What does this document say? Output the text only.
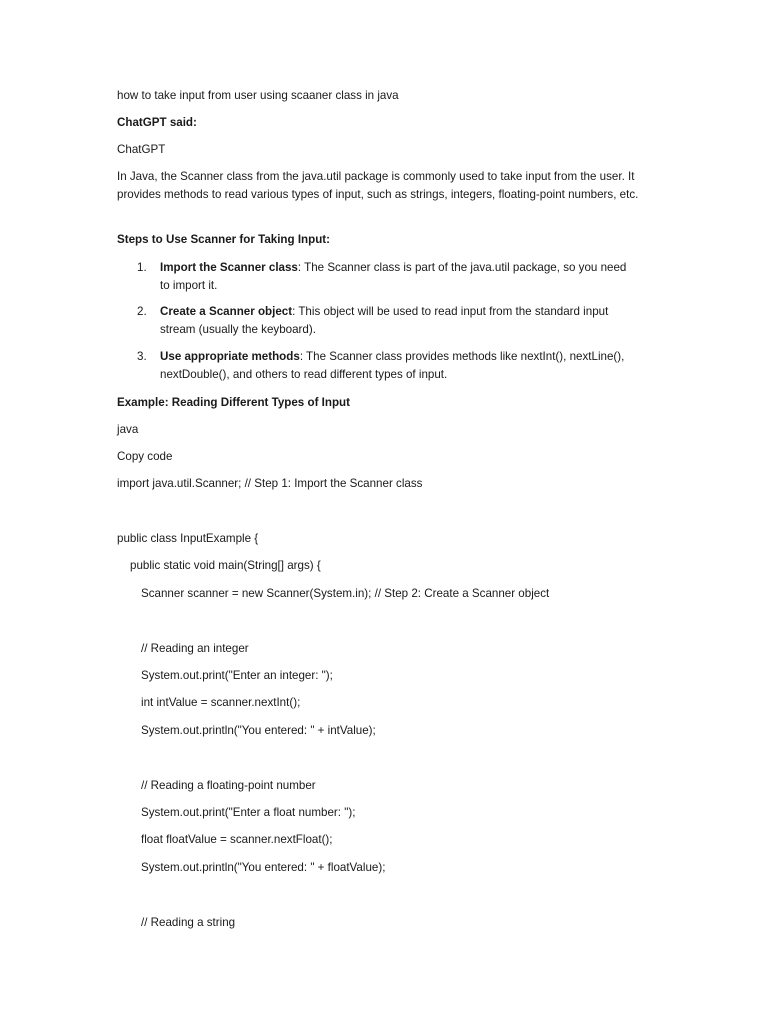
how to take input from user using scaaner class in java

ChatGPT said:

ChatGPT

In Java, the Scanner class from the java.util package is commonly used to take input from the user. It provides methods to read various types of input, such as strings, integers, floating-point numbers, etc.

Steps to Use Scanner for Taking Input:

1.	Import the Scanner class: The Scanner class is part of the java.util package, so you need to import it.
2.	Create a Scanner object: This object will be used to read input from the standard input stream (usually the keyboard).
3.	Use appropriate methods: The Scanner class provides methods like nextInt(), nextLine(), nextDouble(), and others to read different types of input.

Example: Reading Different Types of Input

java

Copy code

import java.util.Scanner; // Step 1: Import the Scanner class

public class InputExample {

public static void main(String[] args) {

Scanner scanner = new Scanner(System.in); // Step 2: Create a Scanner object

// Reading an integer

System.out.print("Enter an integer: ");

int intValue = scanner.nextInt();

System.out.println("You entered: " + intValue);

// Reading a floating-point number

System.out.print("Enter a float number: ");

float floatValue = scanner.nextFloat();

System.out.println("You entered: " + floatValue);

// Reading a string
